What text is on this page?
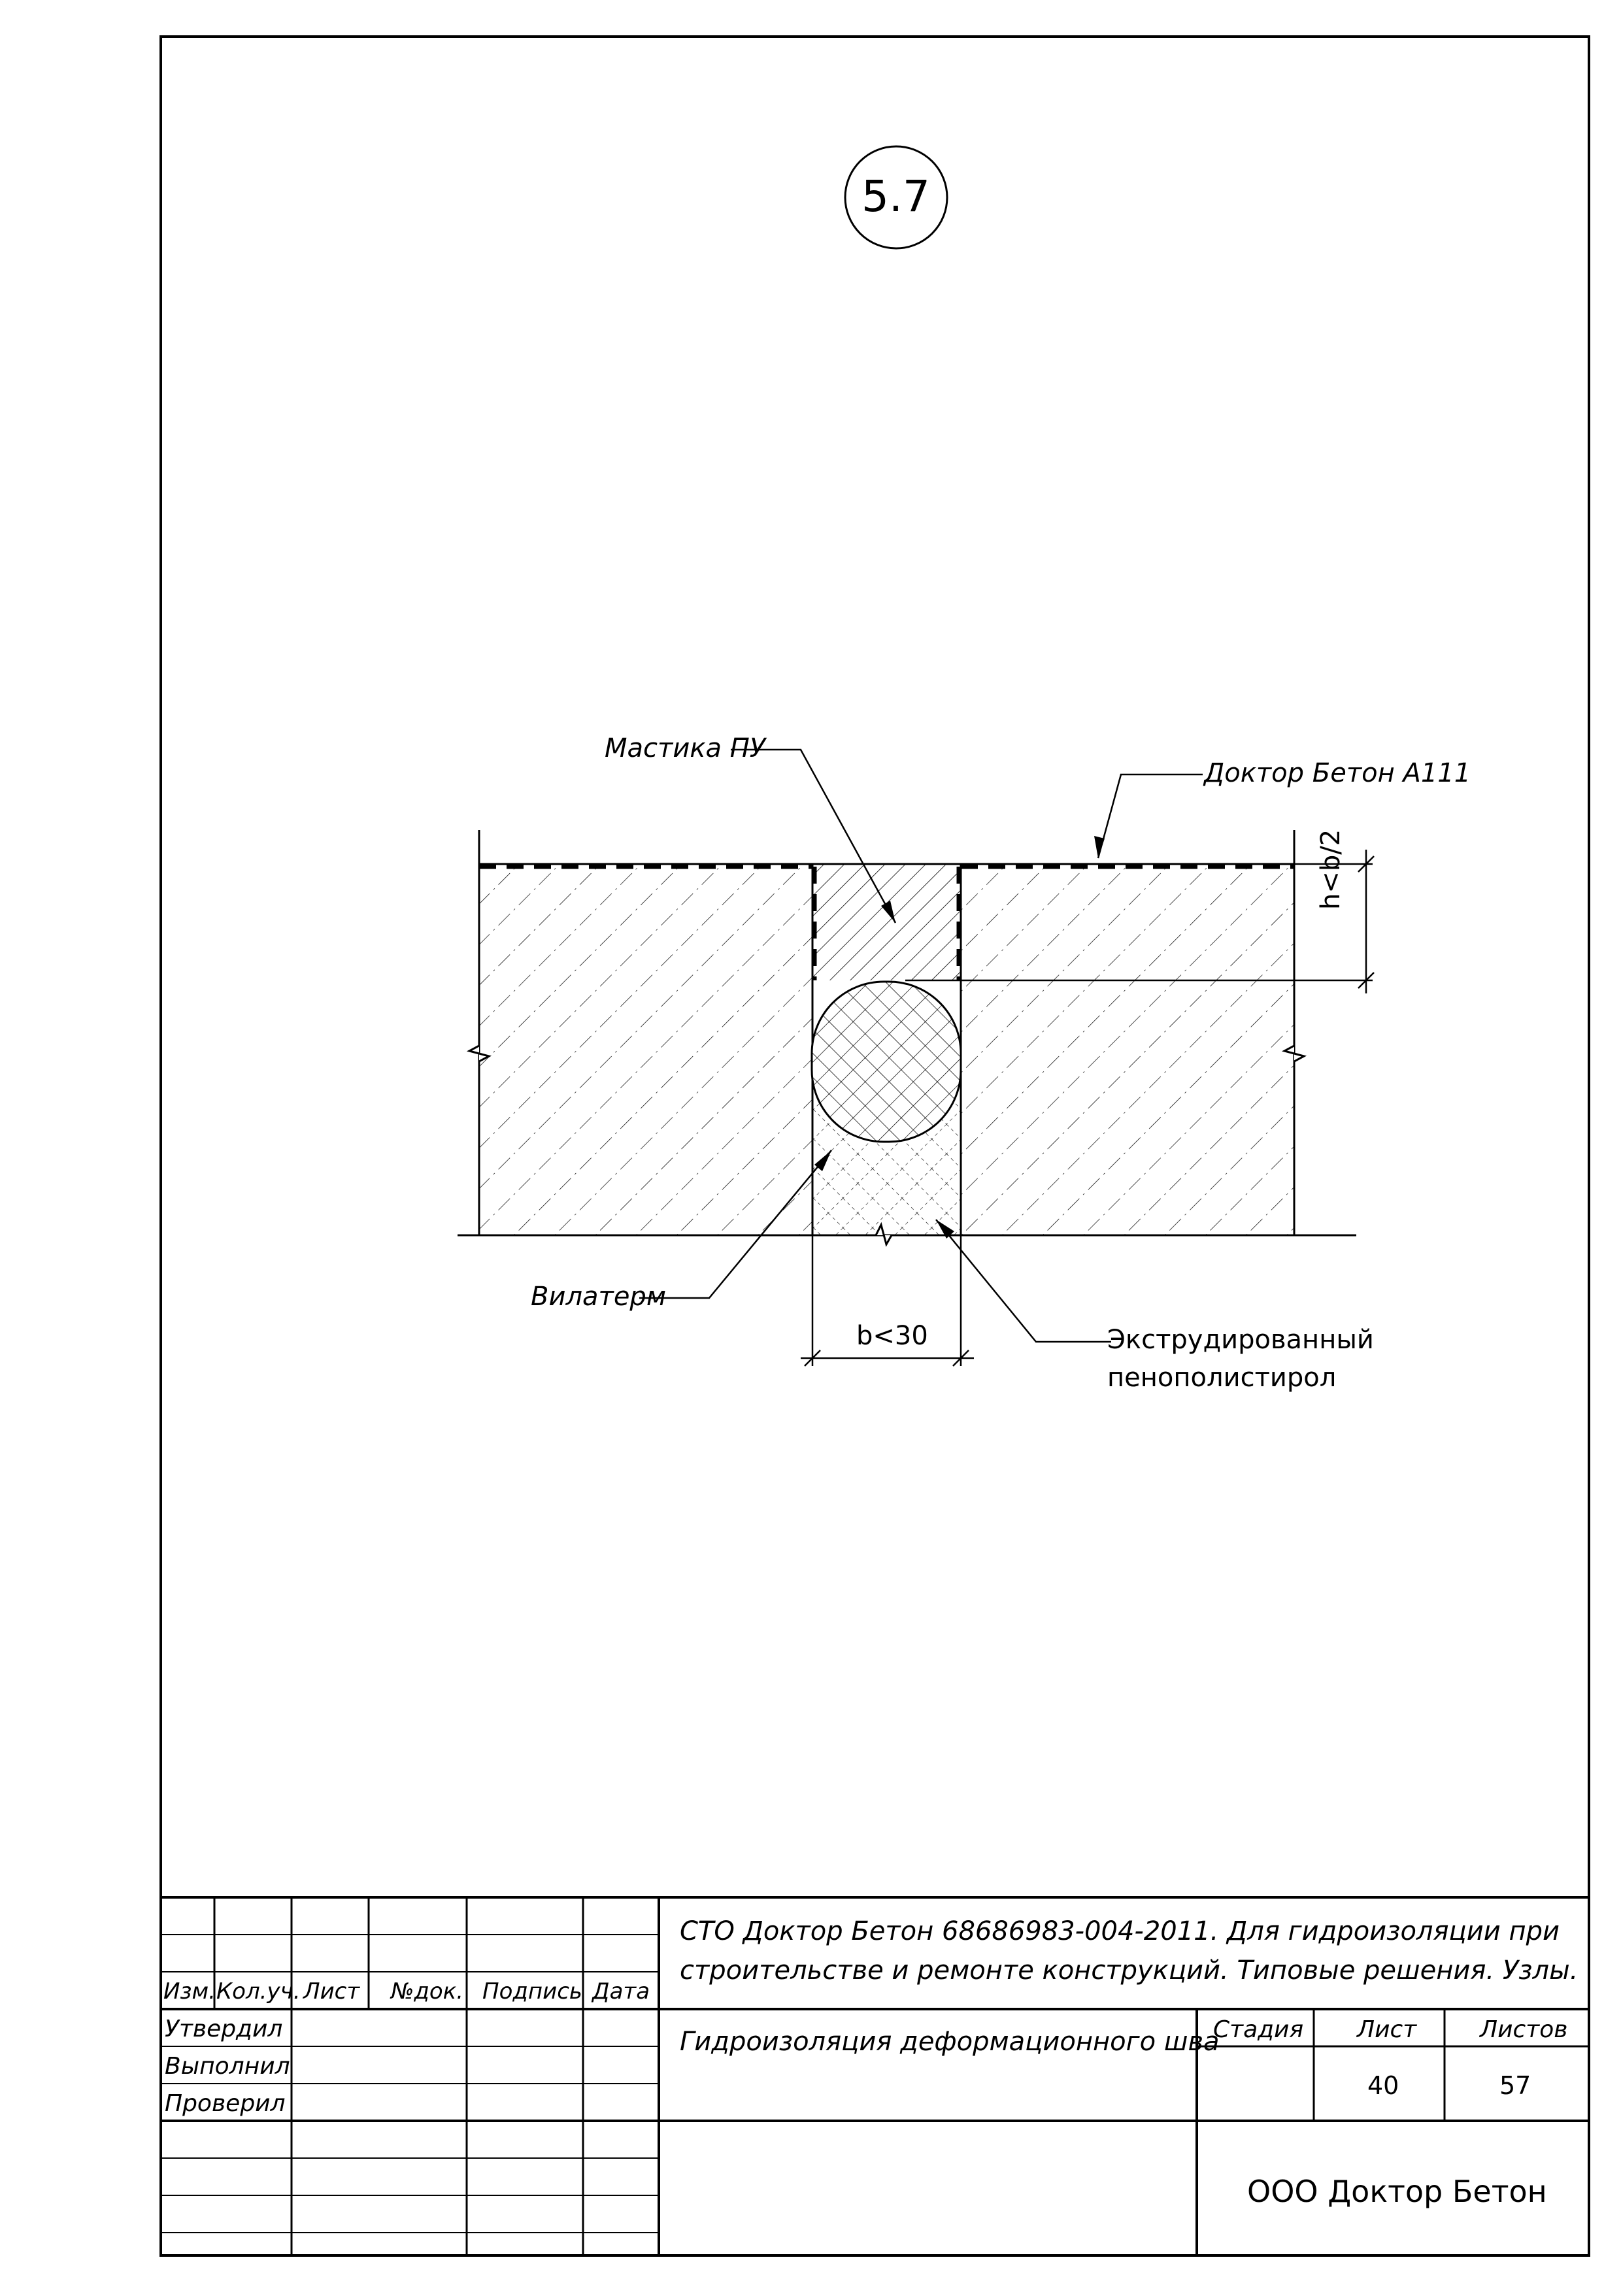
5.7
Мастика ПУ
Доктор Бетон А111
Вилатерм
Экструдированный
пенополистирол
h<b/2
b<30
Изм. Кол.уч. Лист №док. Подпись Дата
Утвердил
Выполнил
Проверил
СТО Доктор Бетон 68686983-004-2011. Для гидроизоляции при
строительстве и ремонте конструкций. Типовые решения. Узлы.
Гидроизоляция деформационного шва
Стадия Лист	Листов
40	57
ООО Доктор Бетон
